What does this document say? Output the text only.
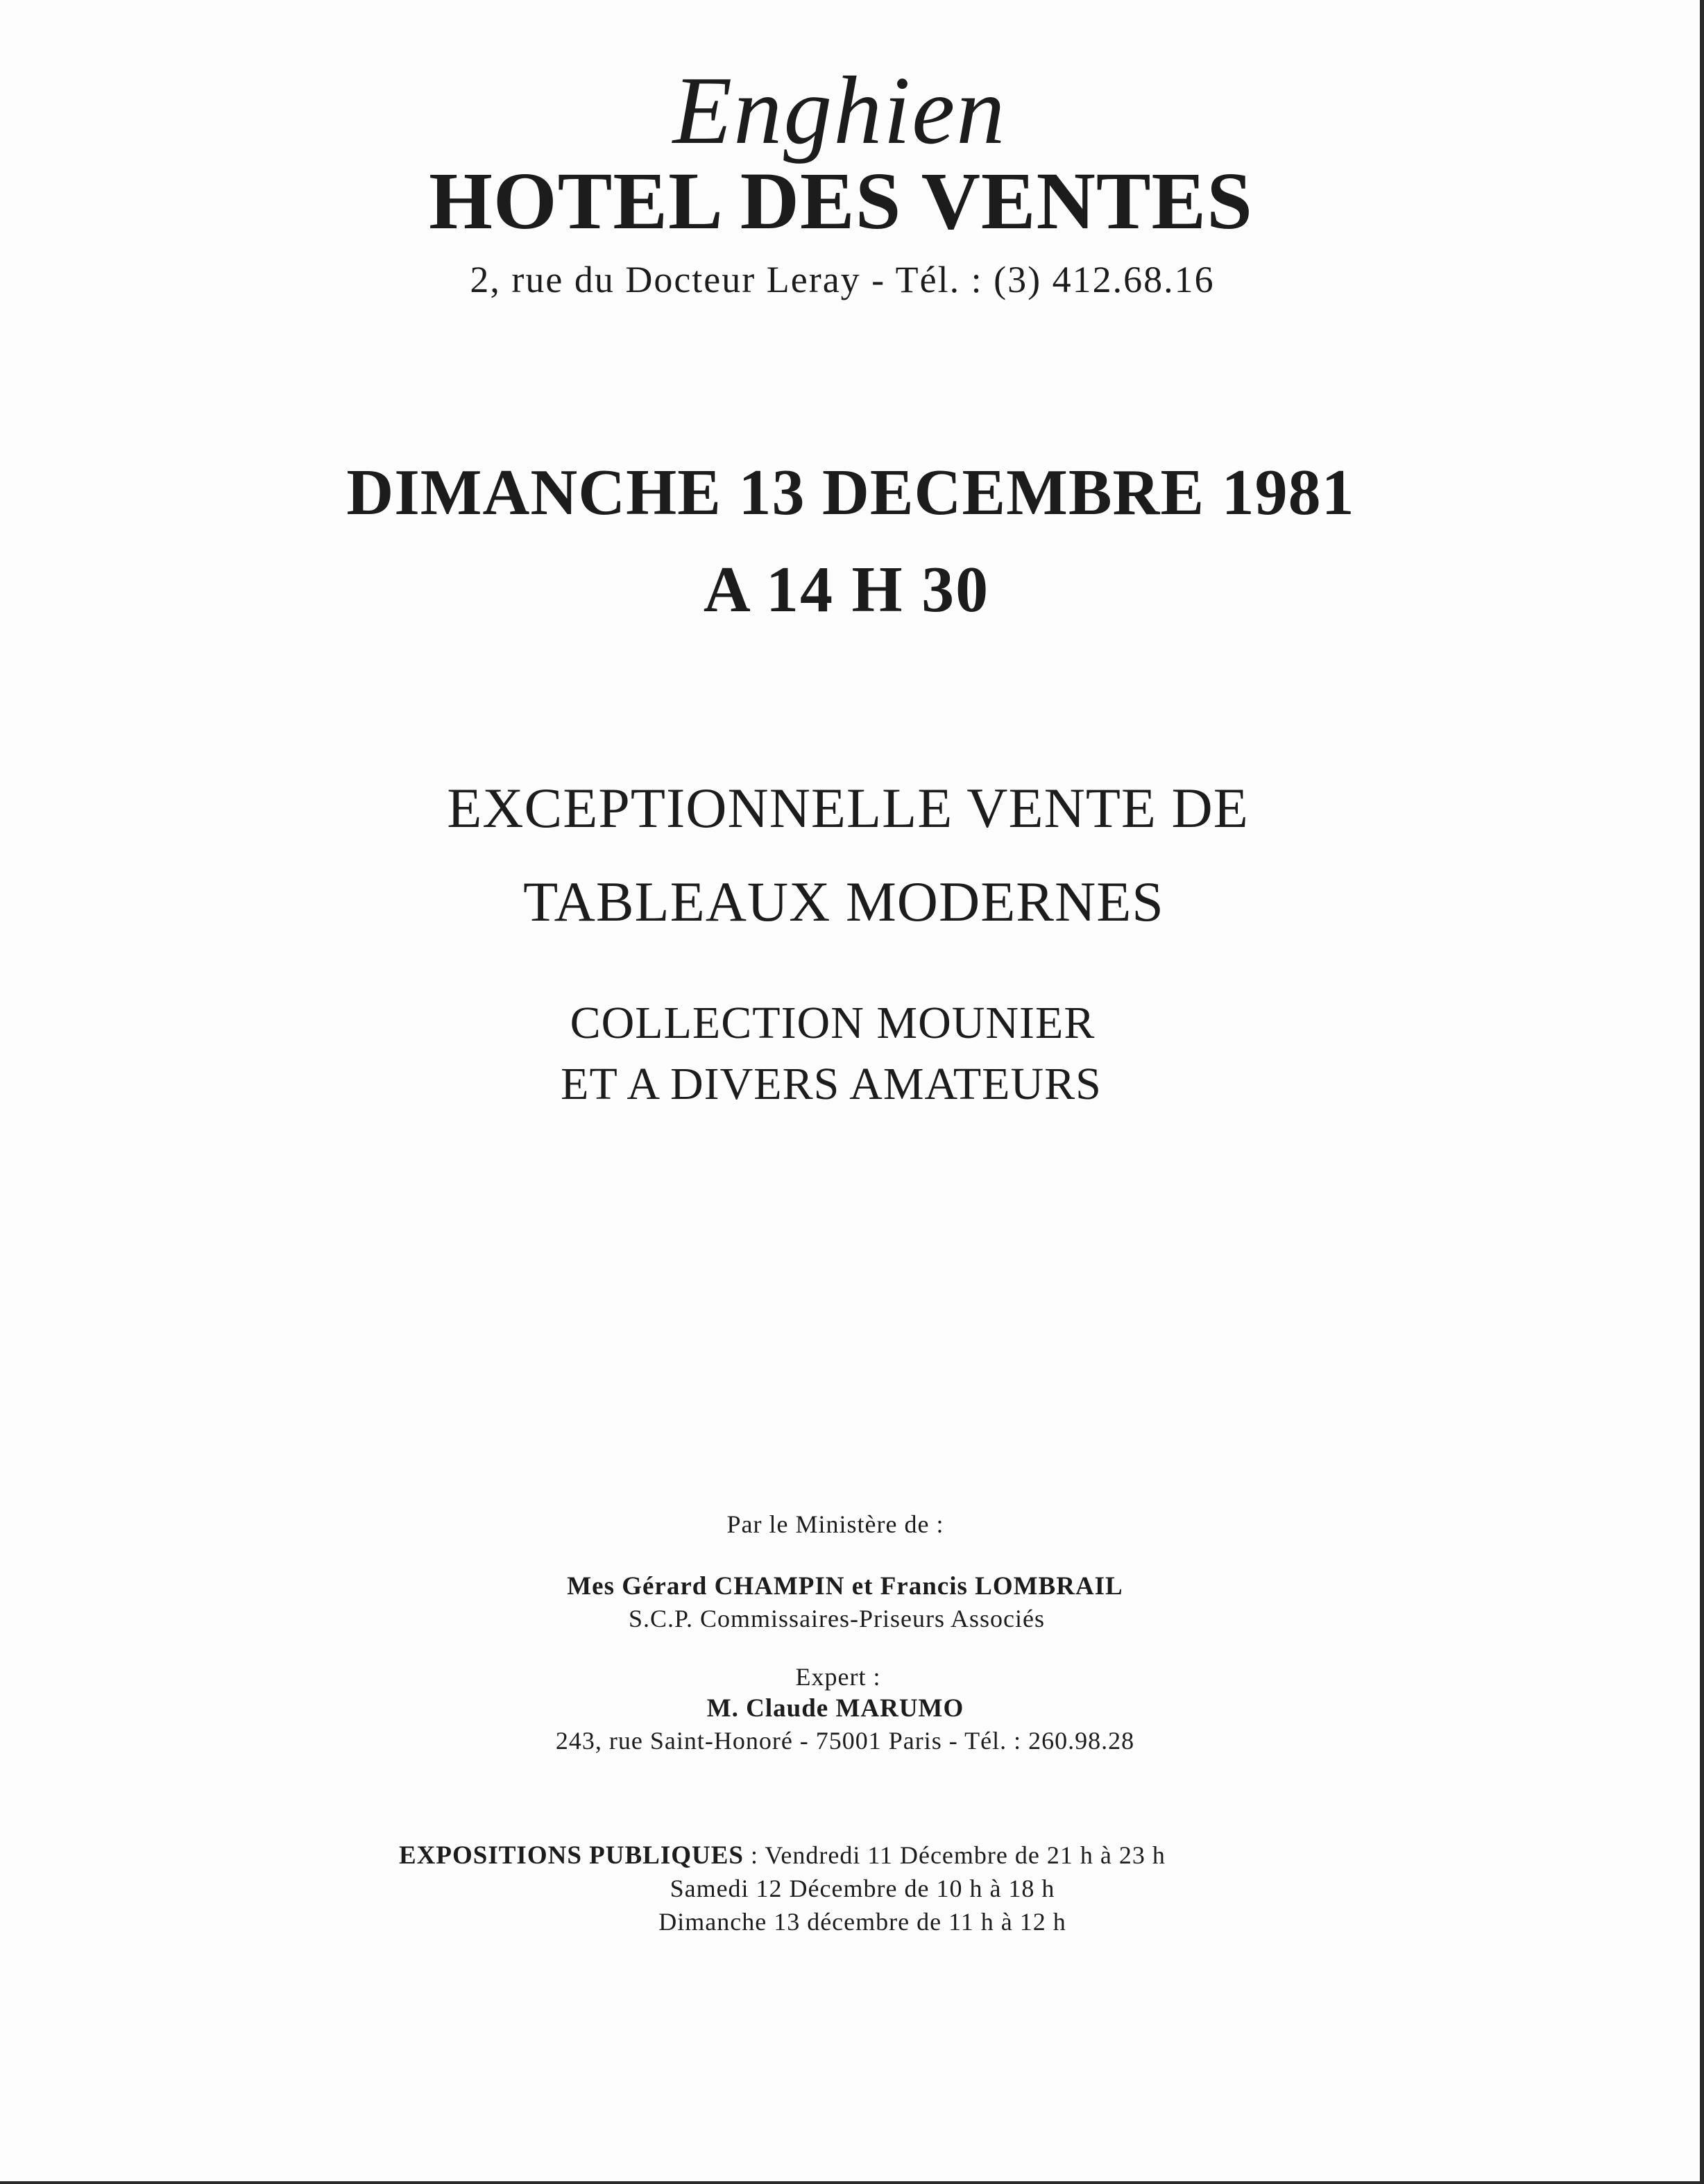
Enghien
HOTEL DES VENTES
2, rue du Docteur Leray - Tél. : (3) 412.68.16
DIMANCHE 13 DECEMBRE 1981
A 14 H 30
EXCEPTIONNELLE VENTE DE
TABLEAUX MODERNES
COLLECTION MOUNIER
ET A DIVERS AMATEURS
Par le Ministère de :
Mes Gérard CHAMPIN et Francis LOMBRAIL
S.C.P. Commissaires-Priseurs Associés
Expert :
M. Claude MARUMO
243, rue Saint-Honoré - 75001 Paris - Tél. : 260.98.28
EXPOSITIONS PUBLIQUES : Vendredi 11 Décembre de 21 h à 23 h
Samedi 12 Décembre de 10 h à 18 h
Dimanche 13 décembre de 11 h à 12 h
